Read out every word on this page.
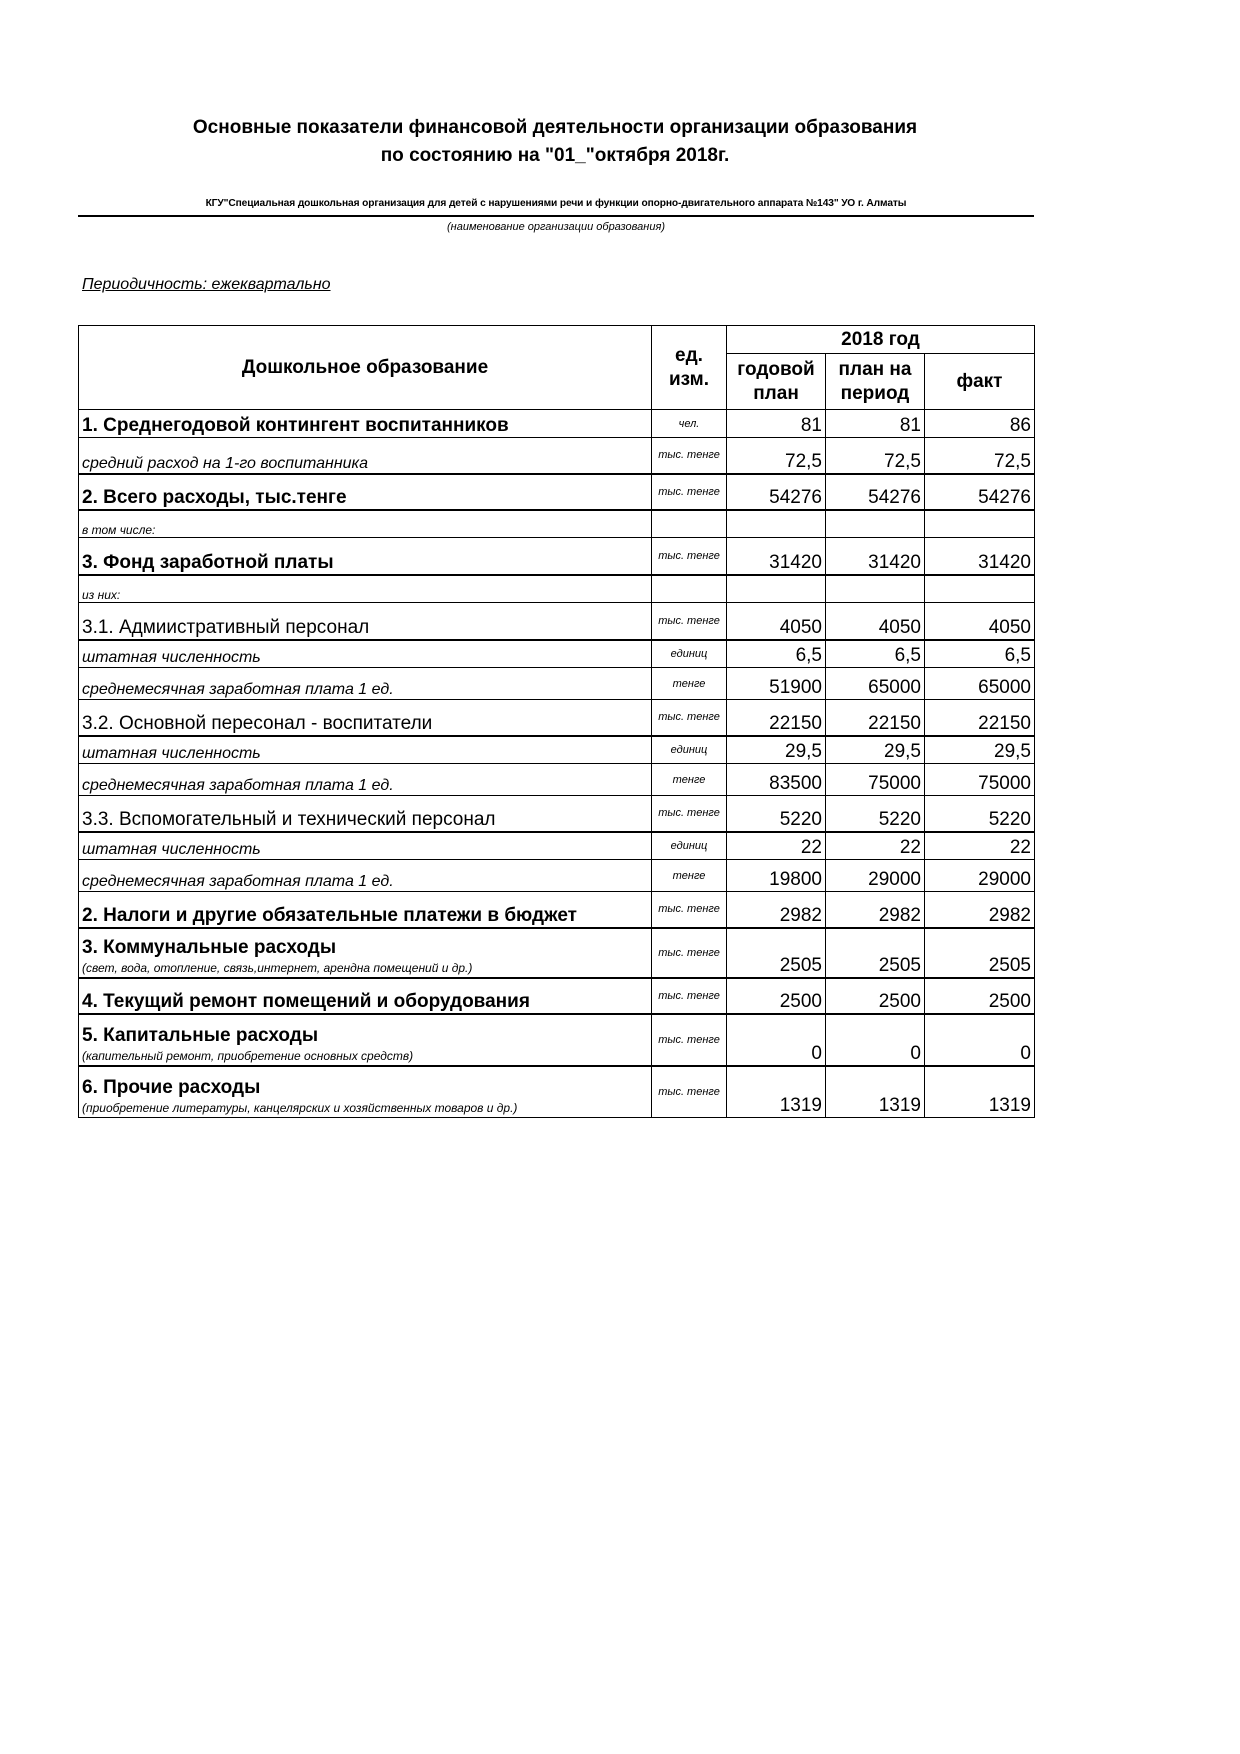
Основные показатели финансовой деятельности организации образования
по состоянию на "01_"октября 2018г.
КГУ"Специальная дошкольная организация для детей с нарушениями речи и функции опорно-двигательного аппарата №143" УО г. Алматы
(наименование организации образования)
Периодичность: ежеквартально
Дошкольное образование	ед. изм.	2018 год		
		годовой план	план на период	факт
1. Среднегодовой контингент воспитанников	чел.	81	81	86
средний расход на 1-го воспитанника	тыс. тенге	72,5	72,5	72,5
2. Всего расходы, тыс.тенге	тыс. тенге	54276	54276	54276
в том числе:				
3. Фонд заработной платы	тыс. тенге	31420	31420	31420
из них:				
3.1. Адмиистративный персонал	тыс. тенге	4050	4050	4050
штатная численность	единиц	6,5	6,5	6,5
среднемесячная заработная плата 1 ед.	тенге	51900	65000	65000
3.2. Основной пересонал - воспитатели	тыс. тенге	22150	22150	22150
штатная численность	единиц	29,5	29,5	29,5
среднемесячная заработная плата 1 ед.	тенге	83500	75000	75000
3.3. Вспомогательный и технический персонал	тыс. тенге	5220	5220	5220
штатная численность	единиц	22	22	22
среднемесячная заработная плата 1 ед.	тенге	19800	29000	29000
2. Налоги и другие обязательные платежи в бюджет	тыс. тенге	2982	2982	2982

3. Коммунальные расходы
(свет, вода, отопление, связь,интернет, арендна помещений и др.)	тыс. тенге	2505	2505	2505
4. Текущий ремонт помещений и оборудования	тыс. тенге	2500	2500	2500

5. Капитальные расходы
(капительный ремонт, приобретение основных средств)	тыс. тенге	0	0	0

6. Прочие расходы
(приобретение литературы, канцелярских и хозяйственных товаров и др.)	тыс. тенге	1319	1319	1319
